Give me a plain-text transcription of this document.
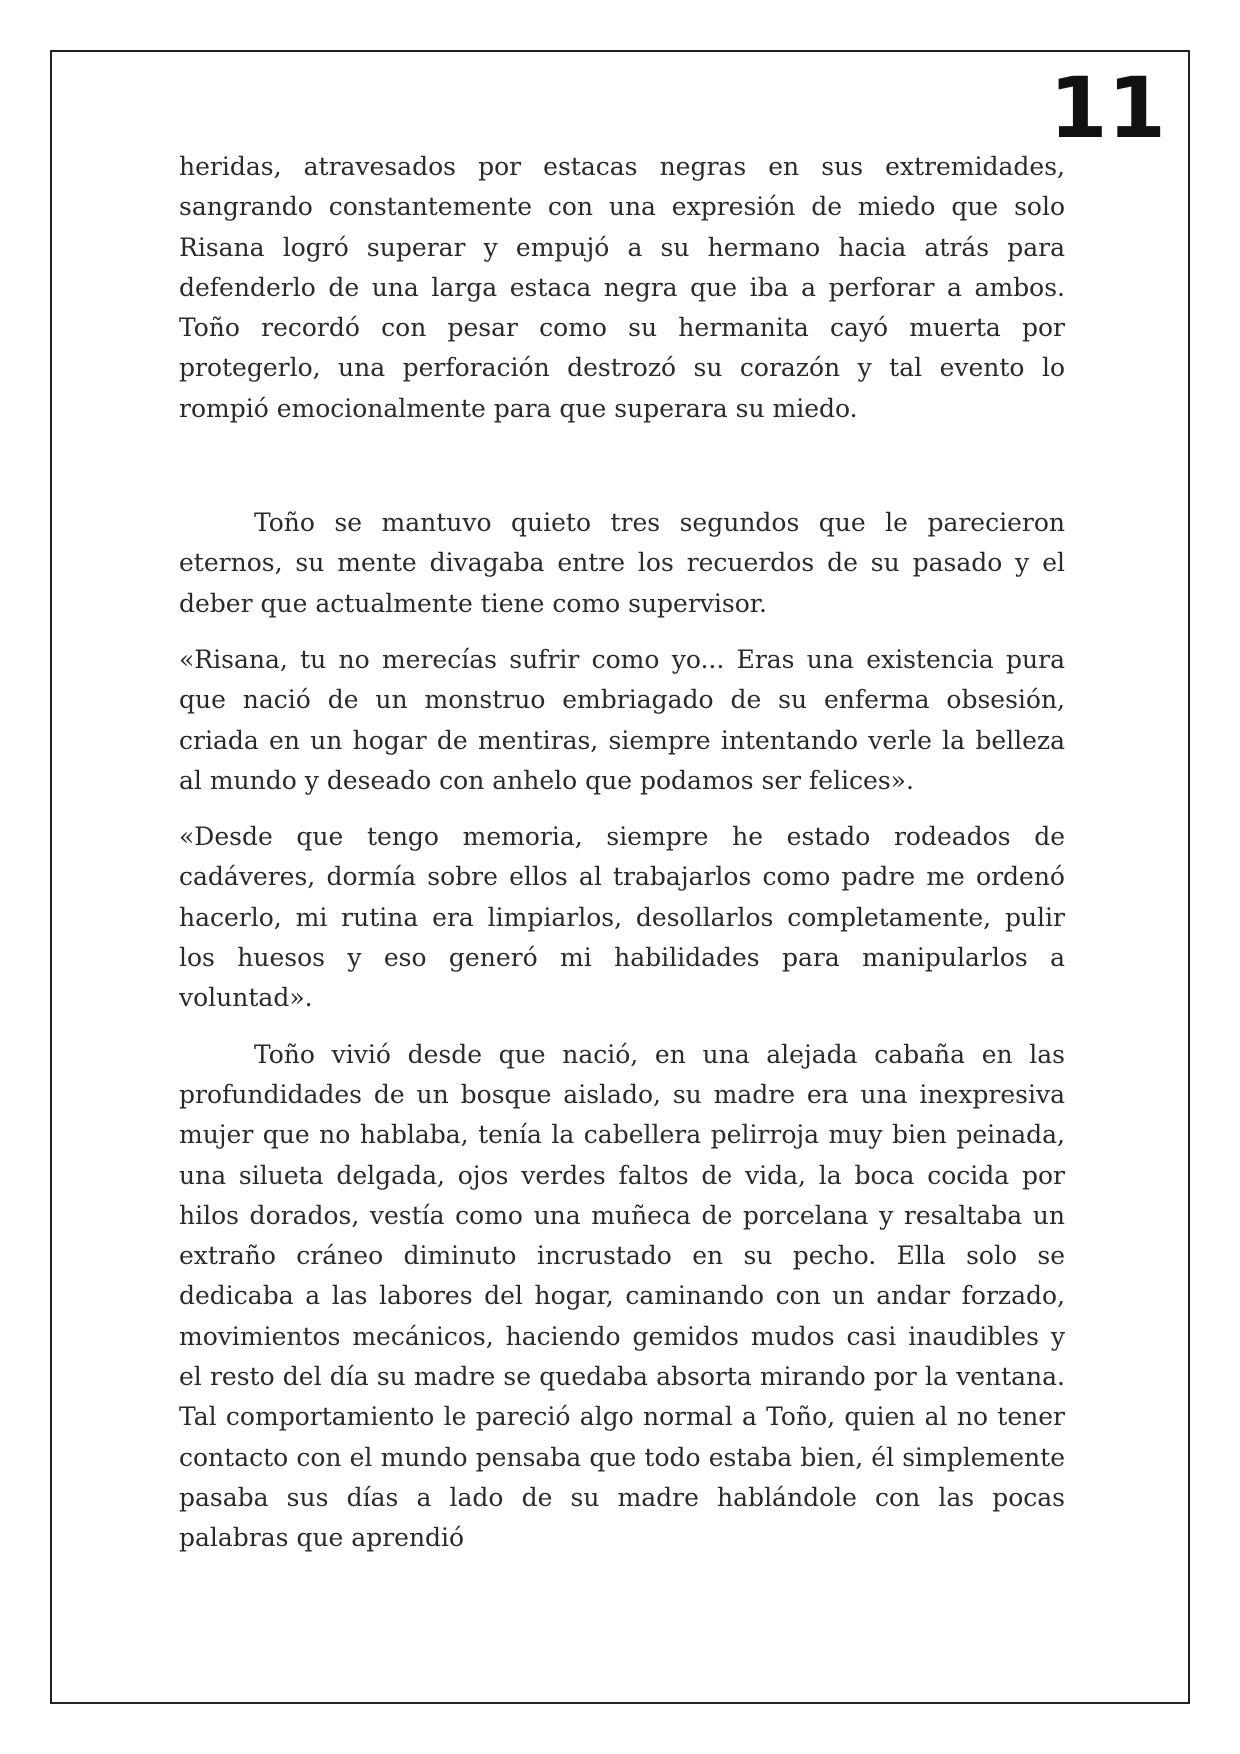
11

heridas, atravesados por estacas negras en sus extremidades, sangrando constantemente con una expresión de miedo que solo Risana logró superar y empujó a su hermano hacia atrás para defenderlo de una larga estaca negra que iba a perforar a ambos. Toño recordó con pesar como su hermanita cayó muerta por protegerlo, una perforación destrozó su corazón y tal evento lo rompió emocionalmente para que superara su miedo.

Toño se mantuvo quieto tres segundos que le parecieron eternos, su mente divagaba entre los recuerdos de su pasado y el deber que actualmente tiene como supervisor.

«Risana, tu no merecías sufrir como yo... Eras una existencia pura que nació de un monstruo embriagado de su enferma obsesión, criada en un hogar de mentiras, siempre intentando verle la belleza al mundo y deseado con anhelo que podamos ser felices».

«Desde que tengo memoria, siempre he estado rodeados de cadáveres, dormía sobre ellos al trabajarlos como padre me ordenó hacerlo, mi rutina era limpiarlos, desollarlos completamente, pulir los huesos y eso generó mi habilidades para manipularlos a voluntad».

Toño vivió desde que nació, en una alejada cabaña en las profundidades de un bosque aislado, su madre era una inexpresiva mujer que no hablaba, tenía la cabellera pelirroja muy bien peinada, una silueta delgada, ojos verdes faltos de vida, la boca cocida por hilos dorados, vestía como una muñeca de porcelana y resaltaba un extraño cráneo diminuto incrustado en su pecho. Ella solo se dedicaba a las labores del hogar, caminando con un andar forzado, movimientos mecánicos, haciendo gemidos mudos casi inaudibles y el resto del día su madre se quedaba absorta mirando por la ventana. Tal comportamiento le pareció algo normal a Toño, quien al no tener contacto con el mundo pensaba que todo estaba bien, él simplemente pasaba sus días a lado de su madre hablándole con las pocas palabras que aprendió
